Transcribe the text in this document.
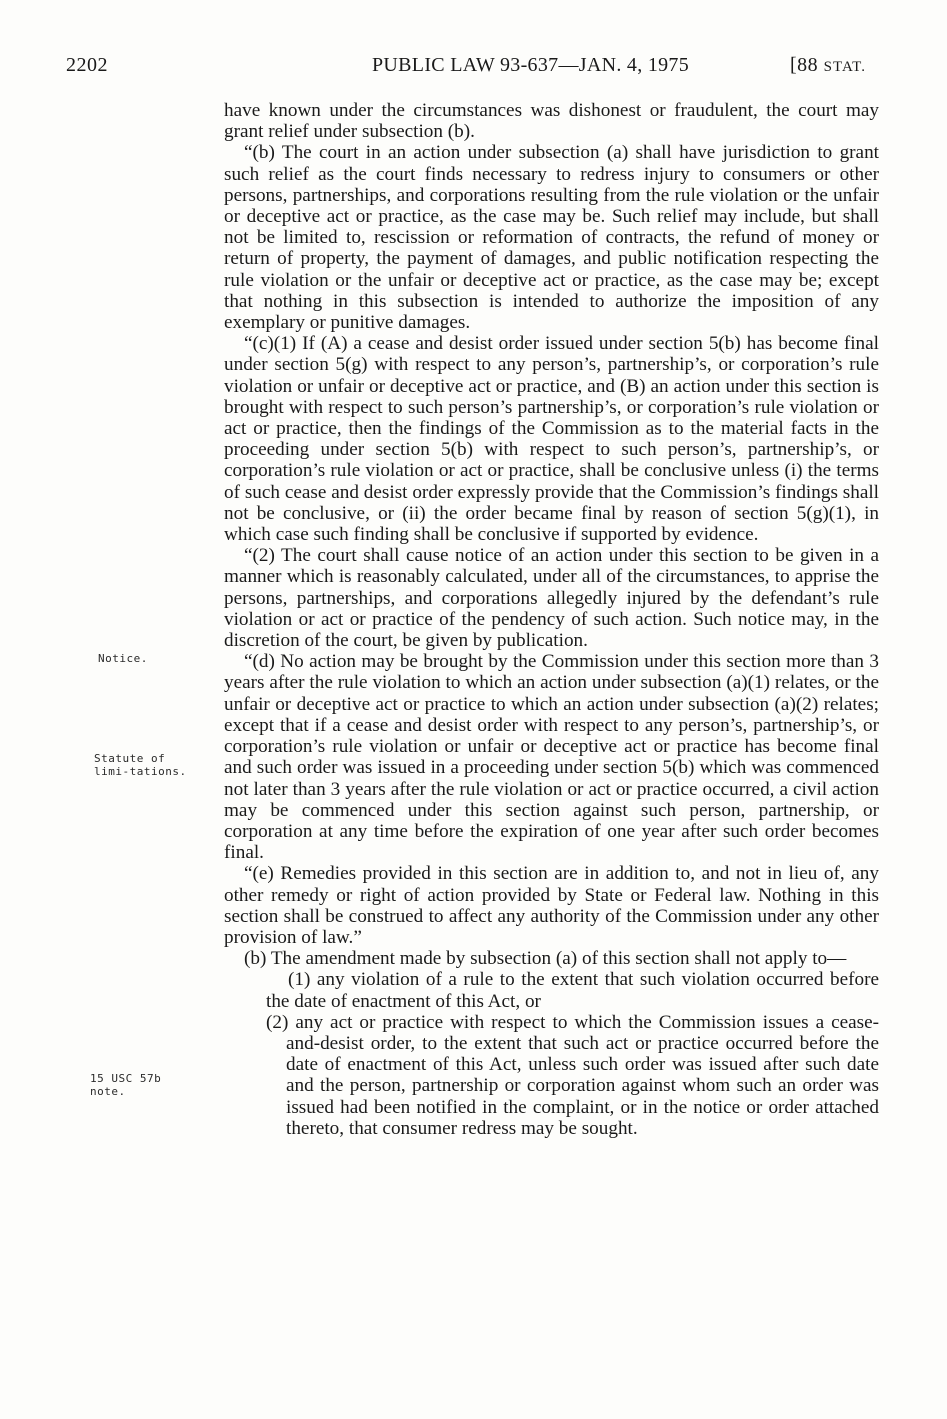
2202	PUBLIC LAW 93-637—JAN. 4, 1975	[88 STAT.
Notice.
Statute of limi-tations.
15 USC 57b note.

have known under the circumstances was dishonest or fraudulent, the court may grant relief under subsection (b).

“(b) The court in an action under subsection (a) shall have jurisdiction to grant such relief as the court finds necessary to redress injury to consumers or other persons, partnerships, and corporations resulting from the rule violation or the unfair or deceptive act or practice, as the case may be. Such relief may include, but shall not be limited to, rescission or reformation of contracts, the refund of money or return of property, the payment of damages, and public notification respecting the rule violation or the unfair or deceptive act or practice, as the case may be; except that nothing in this subsection is intended to authorize the imposition of any exemplary or punitive damages.

“(c)(1) If (A) a cease and desist order issued under section 5(b) has become final under section 5(g) with respect to any person’s, partnership’s, or corporation’s rule violation or unfair or deceptive act or practice, and (B) an action under this section is brought with respect to such person’s partnership’s, or corporation’s rule violation or act or practice, then the findings of the Commission as to the material facts in the proceeding under section 5(b) with respect to such person’s, partnership’s, or corporation’s rule violation or act or practice, shall be conclusive unless (i) the terms of such cease and desist order expressly provide that the Commission’s findings shall not be conclusive, or (ii) the order became final by reason of section 5(g)(1), in which case such finding shall be conclusive if supported by evidence.

“(2) The court shall cause notice of an action under this section to be given in a manner which is reasonably calculated, under all of the circumstances, to apprise the persons, partnerships, and corporations allegedly injured by the defendant’s rule violation or act or practice of the pendency of such action. Such notice may, in the discretion of the court, be given by publication.

“(d) No action may be brought by the Commission under this section more than 3 years after the rule violation to which an action under subsection (a)(1) relates, or the unfair or deceptive act or practice to which an action under subsection (a)(2) relates; except that if a cease and desist order with respect to any person’s, partnership’s, or corporation’s rule violation or unfair or deceptive act or practice has become final and such order was issued in a proceeding under section 5(b) which was commenced not later than 3 years after the rule violation or act or practice occurred, a civil action may be commenced under this section against such person, partnership, or corporation at any time before the expiration of one year after such order becomes final.

“(e) Remedies provided in this section are in addition to, and not in lieu of, any other remedy or right of action provided by State or Federal law. Nothing in this section shall be construed to affect any authority of the Commission under any other provision of law.”

(b) The amendment made by subsection (a) of this section shall not apply to—

(1) any violation of a rule to the extent that such violation occurred before the date of enactment of this Act, or

(2) any act or practice with respect to which the Commission issues a cease-and-desist order, to the extent that such act or practice occurred before the date of enactment of this Act, unless such order was issued after such date and the person, partnership or corporation against whom such an order was issued had been notified in the complaint, or in the notice or order attached thereto, that consumer redress may be sought.
